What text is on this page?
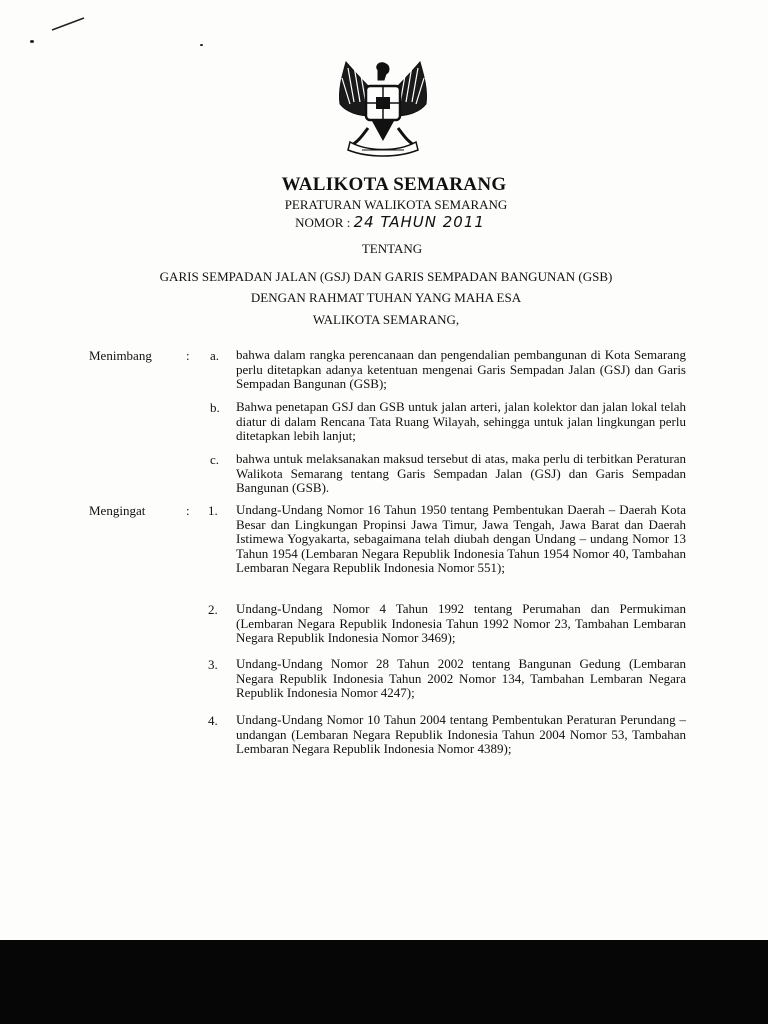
WALIKOTA SEMARANG
PERATURAN WALIKOTA SEMARANG
NOMOR : 24 TAHUN 2011
TENTANG
GARIS SEMPADAN JALAN (GSJ) DAN GARIS SEMPADAN BANGUNAN (GSB)
DENGAN RAHMAT TUHAN YANG MAHA ESA
WALIKOTA SEMARANG,
Menimbang	: a. bahwa dalam rangka perencanaan dan pengendalian pembangunan di Kota Semarang perlu ditetapkan adanya ketentuan mengenai Garis Sempadan Jalan (GSJ) dan Garis Sempadan Bangunan (GSB);

b. Bahwa penetapan GSJ dan GSB untuk jalan arteri, jalan kolektor dan jalan lokal telah diatur di dalam Rencana Tata Ruang Wilayah, sehingga untuk jalan lingkungan perlu ditetapkan lebih lanjut;

c. bahwa untuk melaksanakan maksud tersebut di atas, maka perlu di terbitkan Peraturan Walikota Semarang tentang Garis Sempadan Jalan (GSJ) dan Garis Sempadan Bangunan (GSB).

Mengingat	: 1. Undang-Undang Nomor 16 Tahun 1950 tentang Pembentukan Daerah – Daerah Kota Besar dan Lingkungan Propinsi Jawa Timur, Jawa Tengah, Jawa Barat dan Daerah Istimewa Yogyakarta, sebagaimana telah diubah dengan Undang – undang Nomor 13 Tahun 1954 (Lembaran Negara Republik Indonesia Tahun 1954 Nomor 40, Tambahan Lembaran Negara Republik Indonesia Nomor 551);

2. Undang-Undang Nomor 4 Tahun 1992 tentang Perumahan dan Permukiman (Lembaran Negara Republik Indonesia Tahun 1992 Nomor 23, Tambahan Lembaran Negara Republik Indonesia Nomor 3469);

3. Undang-Undang Nomor 28 Tahun 2002 tentang Bangunan Gedung (Lembaran Negara Republik Indonesia Tahun 2002 Nomor 134, Tambahan Lembaran Negara Republik Indonesia Nomor 4247);

4. Undang-Undang Nomor 10 Tahun 2004 tentang Pembentukan Peraturan Perundang – undangan (Lembaran Negara Republik Indonesia Tahun 2004 Nomor 53, Tambahan Lembaran Negara Republik Indonesia Nomor 4389);
